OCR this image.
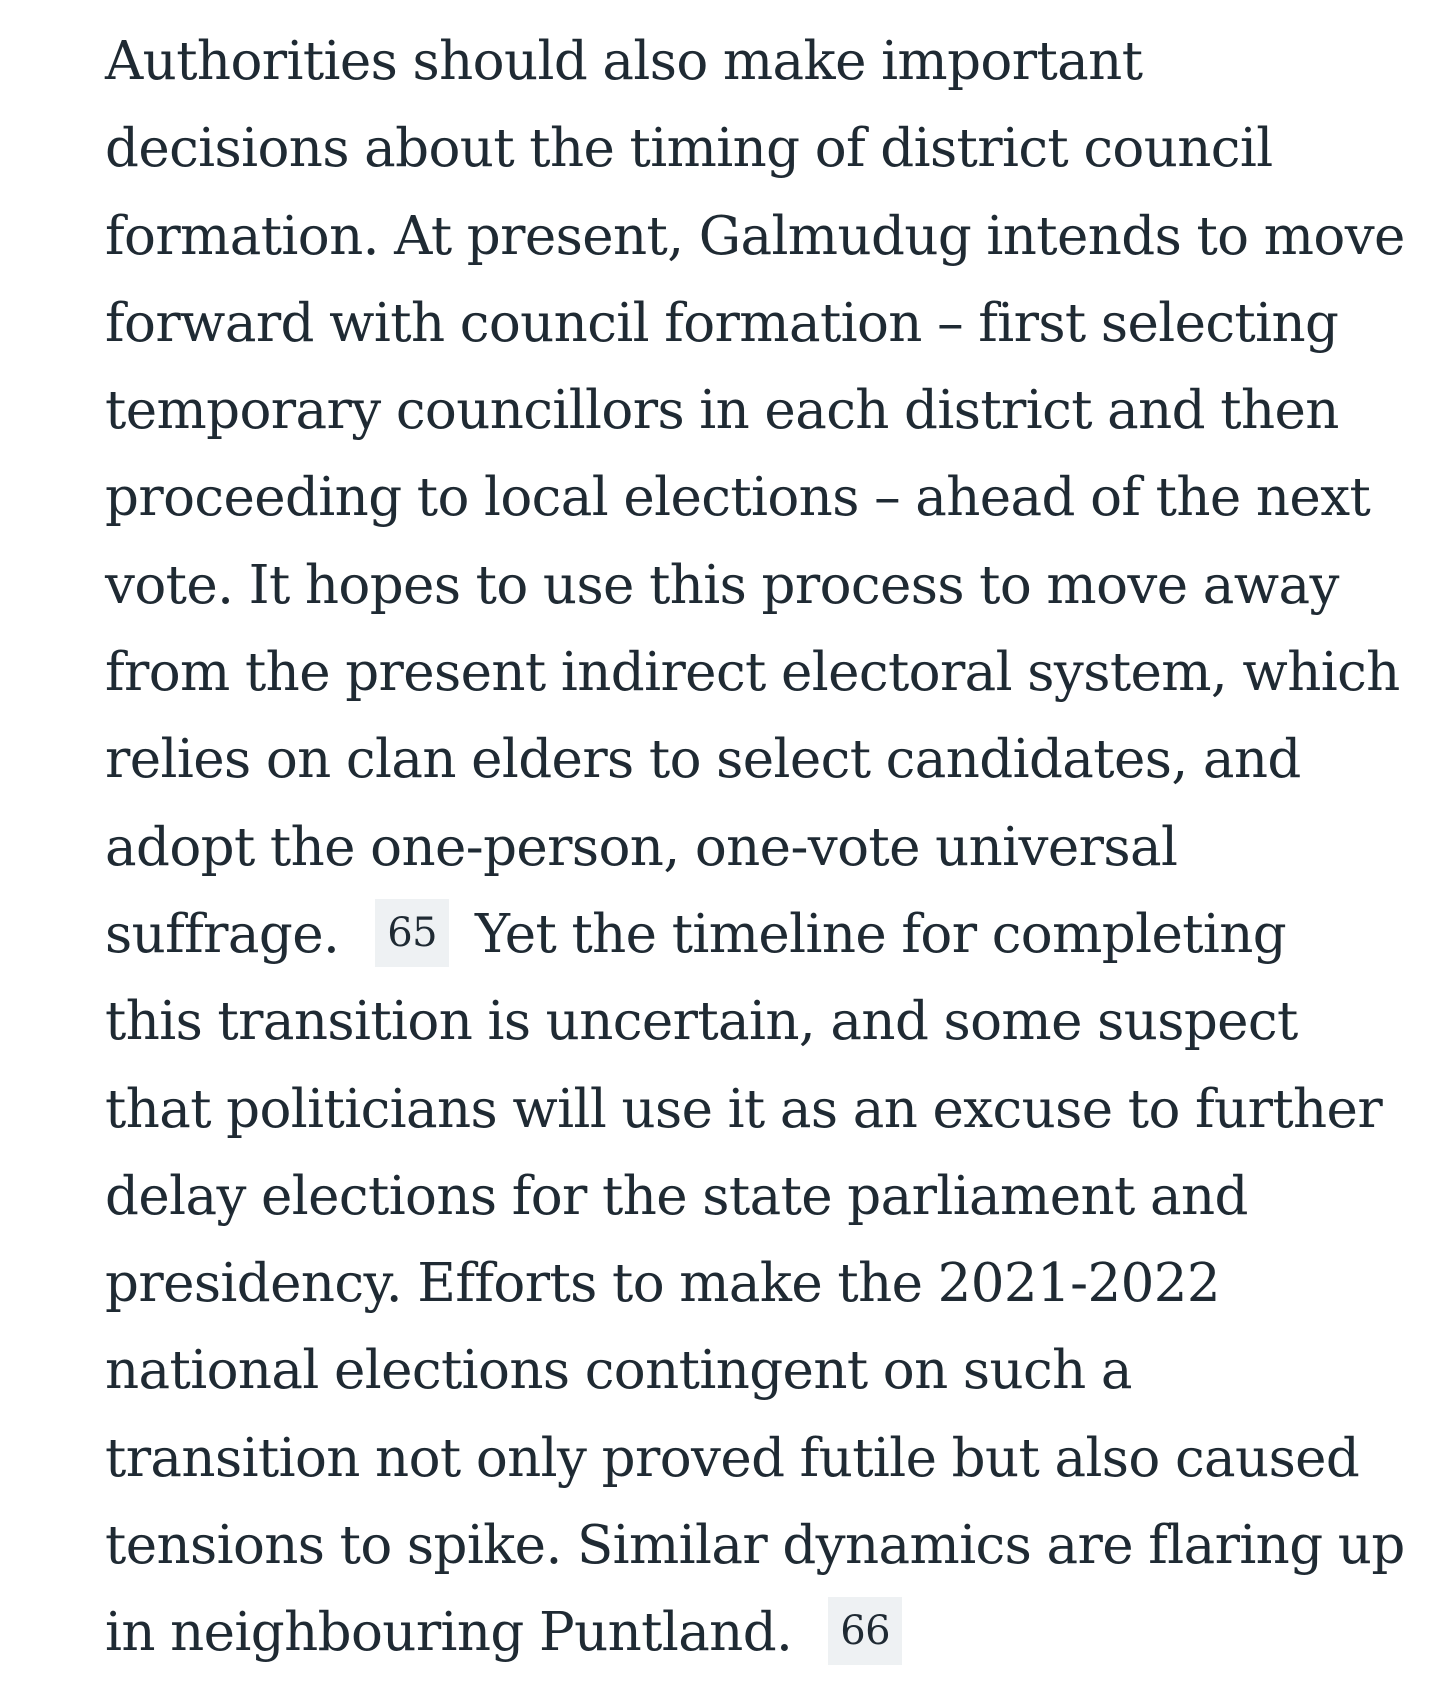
Authorities should also make important
decisions about the timing of district council
formation. At present, Galmudug intends to move
forward with council formation – first selecting
temporary councillors in each district and then
proceeding to local elections – ahead of the next
vote. It hopes to use this process to move away
from the present indirect electoral system, which
relies on clan elders to select candidates, and
adopt the one-person, one-vote universal
suffrage. 65 Yet the timeline for completing
this transition is uncertain, and some suspect
that politicians will use it as an excuse to further
delay elections for the state parliament and
presidency. Efforts to make the 2021-2022
national elections contingent on such a
transition not only proved futile but also caused
tensions to spike. Similar dynamics are flaring up
in neighbouring Puntland. 66
